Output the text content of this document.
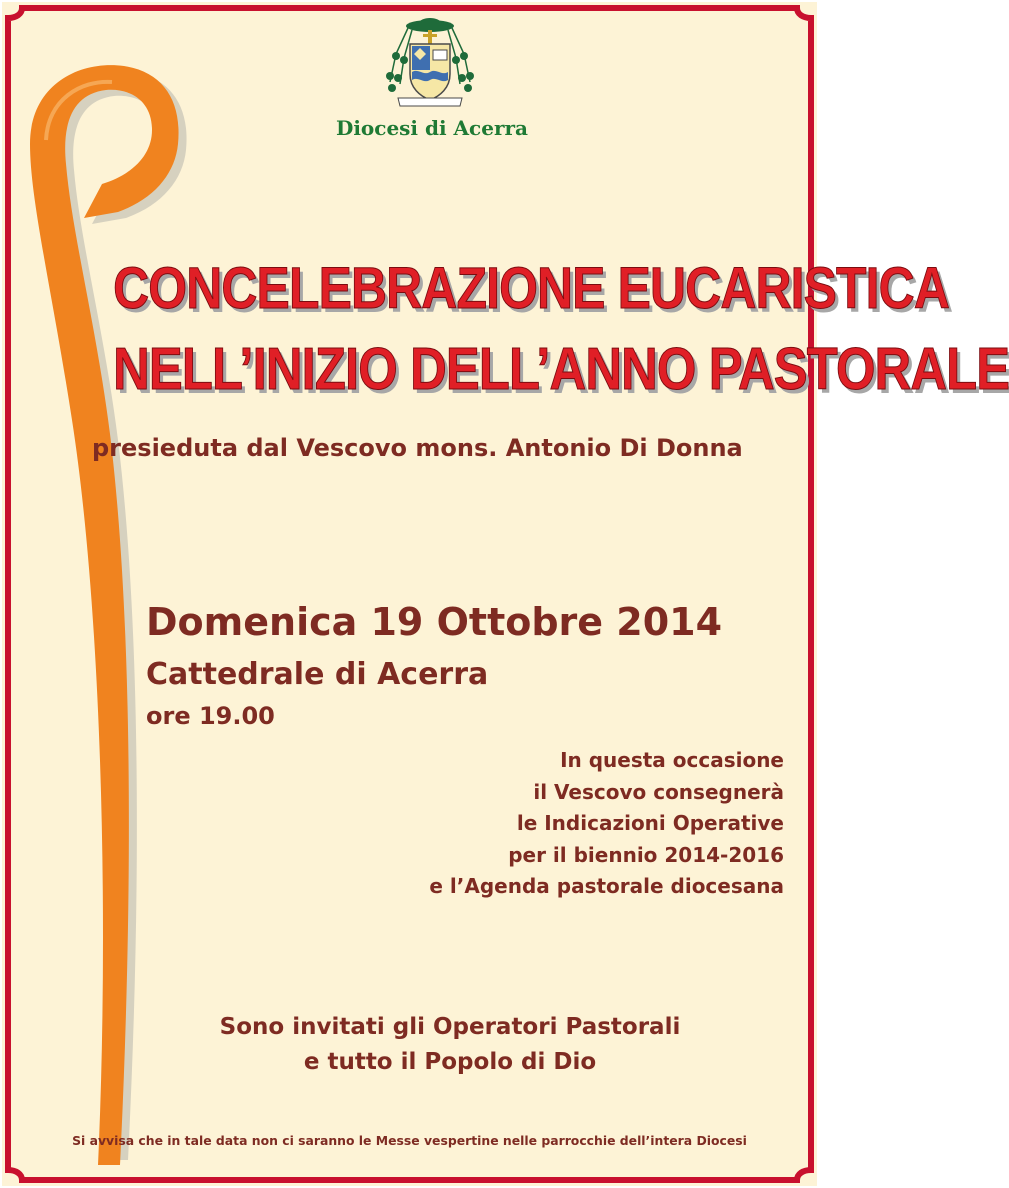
Diocesi di Acerra
CONCELEBRAZIONE EUCARISTICA
NELL’INIZIO DELL’ANNO PASTORALE
presieduta dal Vescovo mons. Antonio Di Donna
Domenica 19 Ottobre 2014
Cattedrale di Acerra
ore 19.00
In questa occasione
il Vescovo consegnerà
le Indicazioni Operative
per il biennio 2014-2016
e l’Agenda pastorale diocesana
Sono invitati gli Operatori Pastorali
e tutto il Popolo di Dio
Si avvisa che in tale data non ci saranno le Messe vespertine nelle parrocchie dell’intera Diocesi
